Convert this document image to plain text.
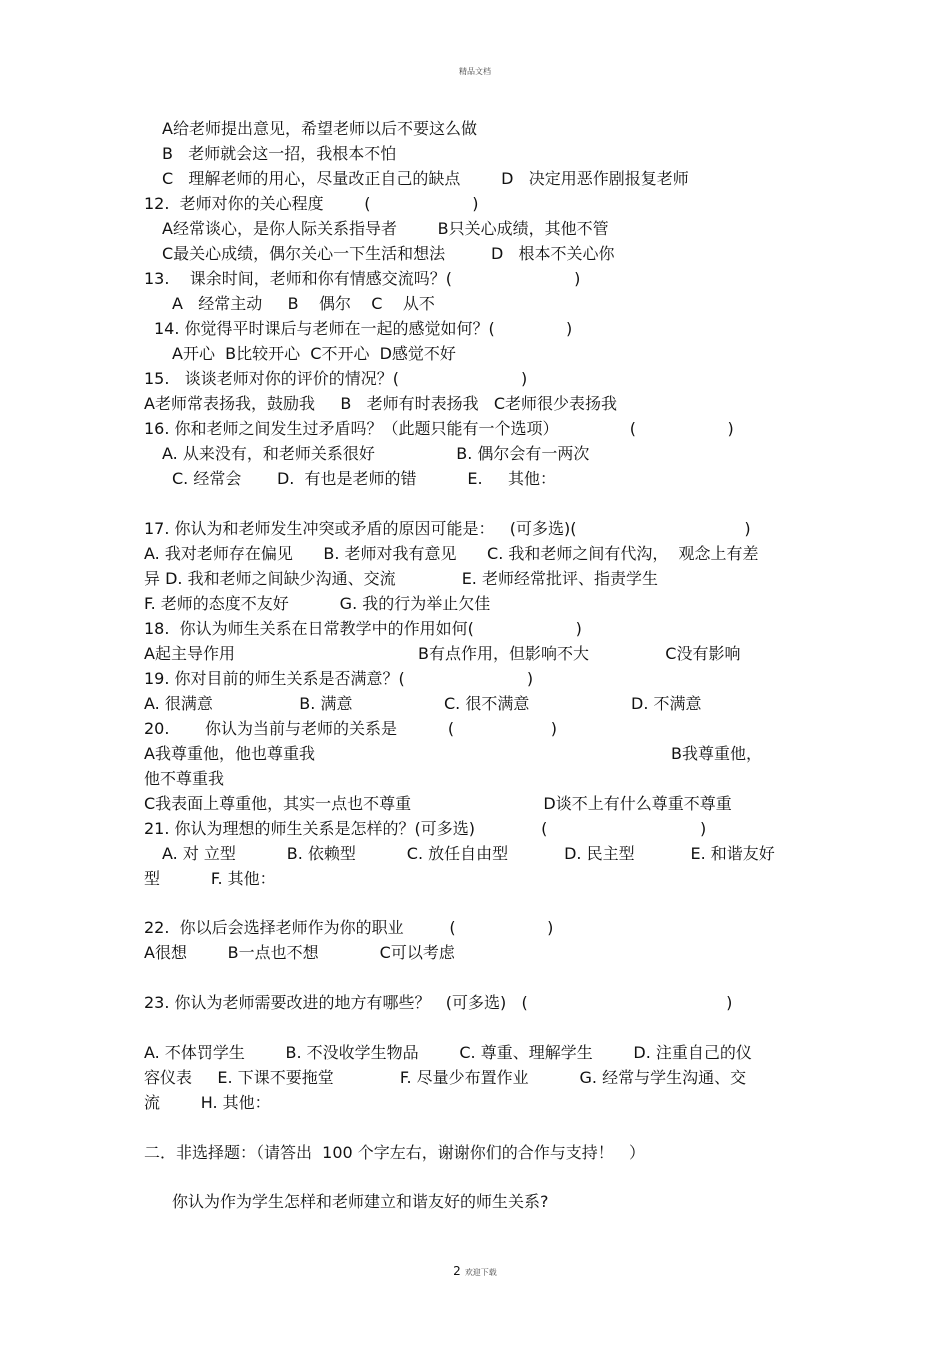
精品文档
A给老师提出意见，希望老师以后不要这么做
B   老师就会这一招，我根本不怕
C   理解老师的用心，尽量改正自己的缺点        D   决定用恶作剧报复老师
12.  老师对你的关心程度        (                    )
A经常谈心，是你人际关系指导者        B只关心成绩，其他不管
C最关心成绩，偶尔关心一下生活和想法         D   根本不关心你
13.    课余时间，老师和你有情感交流吗？(                        )
A   经常主动     B    偶尔    C    从不
14. 你觉得平时课后与老师在一起的感觉如何？(              )
A开心  B比较开心  C不开心  D感觉不好
15.   谈谈老师对你的评价的情况？(                        )
A老师常表扬我，鼓励我     B   老师有时表扬我   C老师很少表扬我
16. 你和老师之间发生过矛盾吗？（此题只能有一个选项）              (                  )
A. 从来没有，和老师关系很好                B. 偶尔会有一两次
C. 经常会       D.  有也是老师的错          E.     其他：
17. 你认为和老师发生冲突或矛盾的原因可能是：   (可多选)(                                 )
A. 我对老师存在偏见      B. 老师对我有意见      C. 我和老师之间有代沟，  观念上有差
异 D. 我和老师之间缺少沟通、交流             E. 老师经常批评、指责学生
F. 老师的态度不友好          G. 我的行为举止欠佳
18.  你认为师生关系在日常教学中的作用如何(                    )
A起主导作用                                    B有点作用，但影响不大               C没有影响
19. 你对目前的师生关系是否满意？(                        )
A. 很满意                 B. 满意                  C. 很不满意                    D. 不满意
20.       你认为当前与老师的关系是          (                   )
A我尊重他，他也尊重我                                                                      B我尊重他，
他不尊重我
C我表面上尊重他，其实一点也不尊重                          D谈不上有什么尊重不尊重
21. 你认为理想的师生关系是怎样的？(可多选)             (                              )
A. 对 立型          B. 依赖型          C. 放任自由型           D. 民主型           E. 和谐友好
型          F. 其他：
22.  你以后会选择老师作为你的职业         (                  )
A很想        B一点也不想            C可以考虑
23. 你认为老师需要改进的地方有哪些？   (可多选)   (                                       )
A. 不体罚学生        B. 不没收学生物品        C. 尊重、理解学生        D. 注重自己的仪
容仪表     E. 下课不要拖堂             F. 尽量少布置作业          G. 经常与学生沟通、交
流        H. 其他：
二．非选择题：（请答出  100 个字左右，谢谢你们的合作与支持！   ）
你认为作为学生怎样和老师建立和谐友好的师生关系?
2 欢迎下载
